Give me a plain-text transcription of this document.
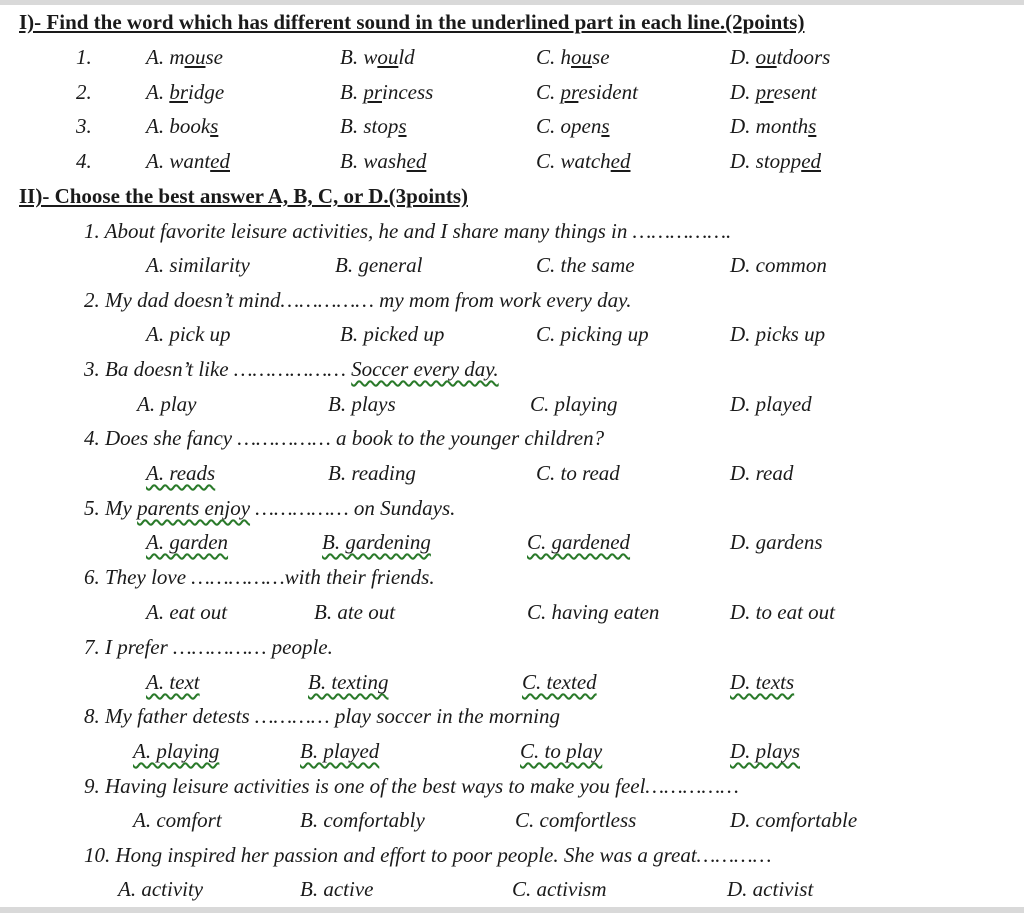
I)- Find the word which has different sound in the underlined part in each line.(2points)
1.	A. mouse	B. would	C. house	D. outdoors
2.	A. bridge	B. princess	C. president	D. present
3.	A. books	B. stops	C. opens	D. months
4.	A. wanted	B. washed	C. watched	D. stopped
II)- Choose the best answer A, B, C, or D.(3points)
1. About favorite leisure activities, he and I share many things in …………….
A. similarity	B. general	C. the same	D. common
2. My dad doesn’t mind…………… my mom from work every day.
A. pick up	B. picked up	C. picking up	D. picks up
3. Ba doesn’t like ……………… Soccer every day.
A. play	B. plays	C. playing	D. played
4. Does she fancy …………… a book to the younger children?
A. reads	B. reading	C. to read	D. read
5. My parents enjoy …………… on Sundays.
A. garden	B. gardening	C. gardened	D. gardens
6. They love ……………with their friends.
A. eat out	B. ate out	C. having eaten	D. to eat out
7. I prefer …………… people.
A. text	B. texting	C. texted	D. texts
8. My father detests ………… play soccer in the morning
A. playing	B. played	C. to play	D. plays
9. Having leisure activities is one of the best ways to make you feel……………
A. comfort	B. comfortably	C. comfortless	D. comfortable
10. Hong inspired her passion and effort to poor people. She was a great…………
A. activity	B. active	C. activism	D. activist
